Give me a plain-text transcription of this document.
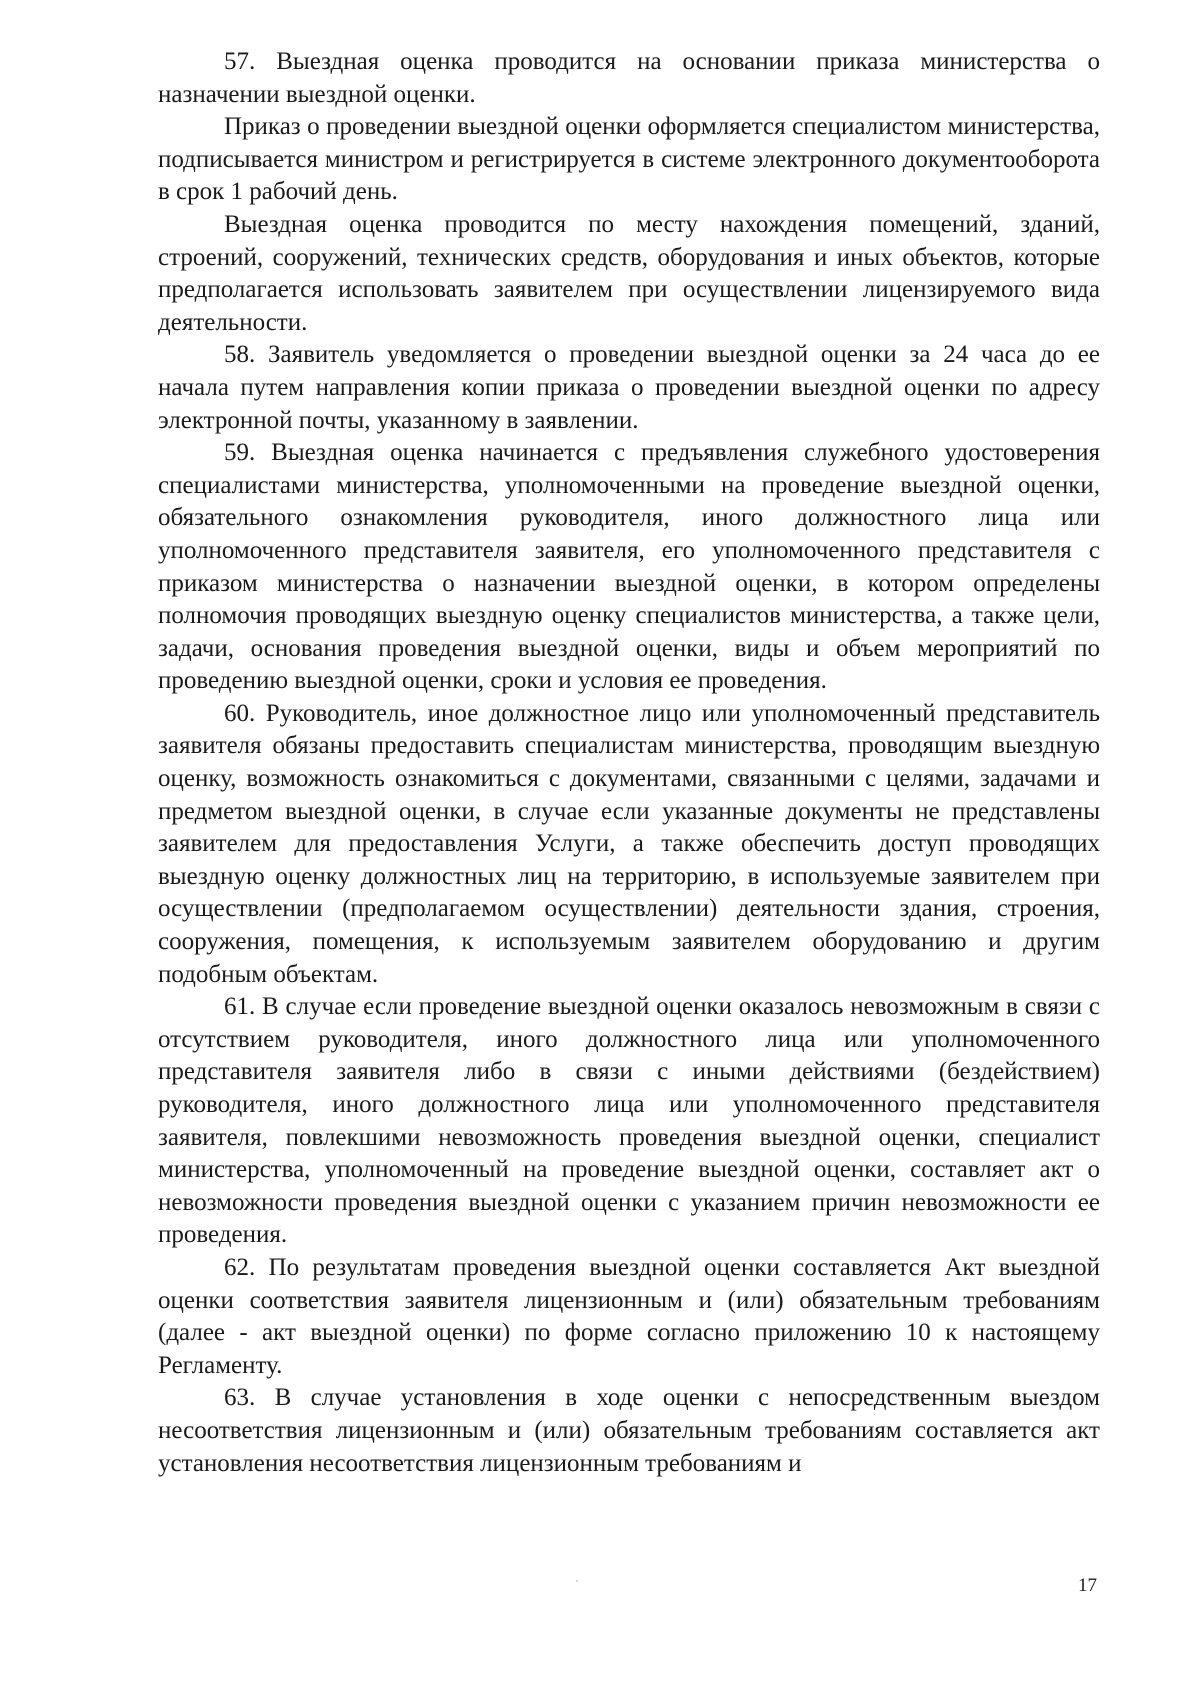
57. Выездная оценка проводится на основании приказа министерства о назначении выездной оценки.

Приказ о проведении выездной оценки оформляется специалистом министерства, подписывается министром и регистрируется в системе электронного документооборота в срок 1 рабочий день.

Выездная оценка проводится по месту нахождения помещений, зданий, строений, сооружений, технических средств, оборудования и иных объектов, которые предполагается использовать заявителем при осуществлении лицензируемого вида деятельности.

58. Заявитель уведомляется о проведении выездной оценки за 24 часа до ее начала путем направления копии приказа о проведении выездной оценки по адресу электронной почты, указанному в заявлении.

59. Выездная оценка начинается с предъявления служебного удостоверения специалистами министерства, уполномоченными на проведение выездной оценки, обязательного ознакомления руководителя, иного должностного лица или уполномоченного представителя заявителя, его уполномоченного представителя с приказом министерства о назначении выездной оценки, в котором определены полномочия проводящих выездную оценку специалистов министерства, а также цели, задачи, основания проведения выездной оценки, виды и объем мероприятий по проведению выездной оценки, сроки и условия ее проведения.

60. Руководитель, иное должностное лицо или уполномоченный представитель заявителя обязаны предоставить специалистам министерства, проводящим выездную оценку, возможность ознакомиться с документами, связанными с целями, задачами и предметом выездной оценки, в случае если указанные документы не представлены заявителем для предоставления Услуги, а также обеспечить доступ проводящих выездную оценку должностных лиц на территорию, в используемые заявителем при осуществлении (предполагаемом осуществлении) деятельности здания, строения, сооружения, помещения, к используемым заявителем оборудованию и другим подобным объектам.

61. В случае если проведение выездной оценки оказалось невозможным в связи с отсутствием руководителя, иного должностного лица или уполномоченного представителя заявителя либо в связи с иными действиями (бездействием) руководителя, иного должностного лица или уполномоченного представителя заявителя, повлекшими невозможность проведения выездной оценки, специалист министерства, уполномоченный на проведение выездной оценки, составляет акт о невозможности проведения выездной оценки с указанием причин невозможности ее проведения.

62. По результатам проведения выездной оценки составляется Акт выездной оценки соответствия заявителя лицензионным и (или) обязательным требованиям (далее - акт выездной оценки) по форме согласно приложению 10 к настоящему Регламенту.

63. В случае установления в ходе оценки с непосредственным выездом несоответствия лицензионным и (или) обязательным требованиям составляется акт установления несоответствия лицензионным требованиям и

17
